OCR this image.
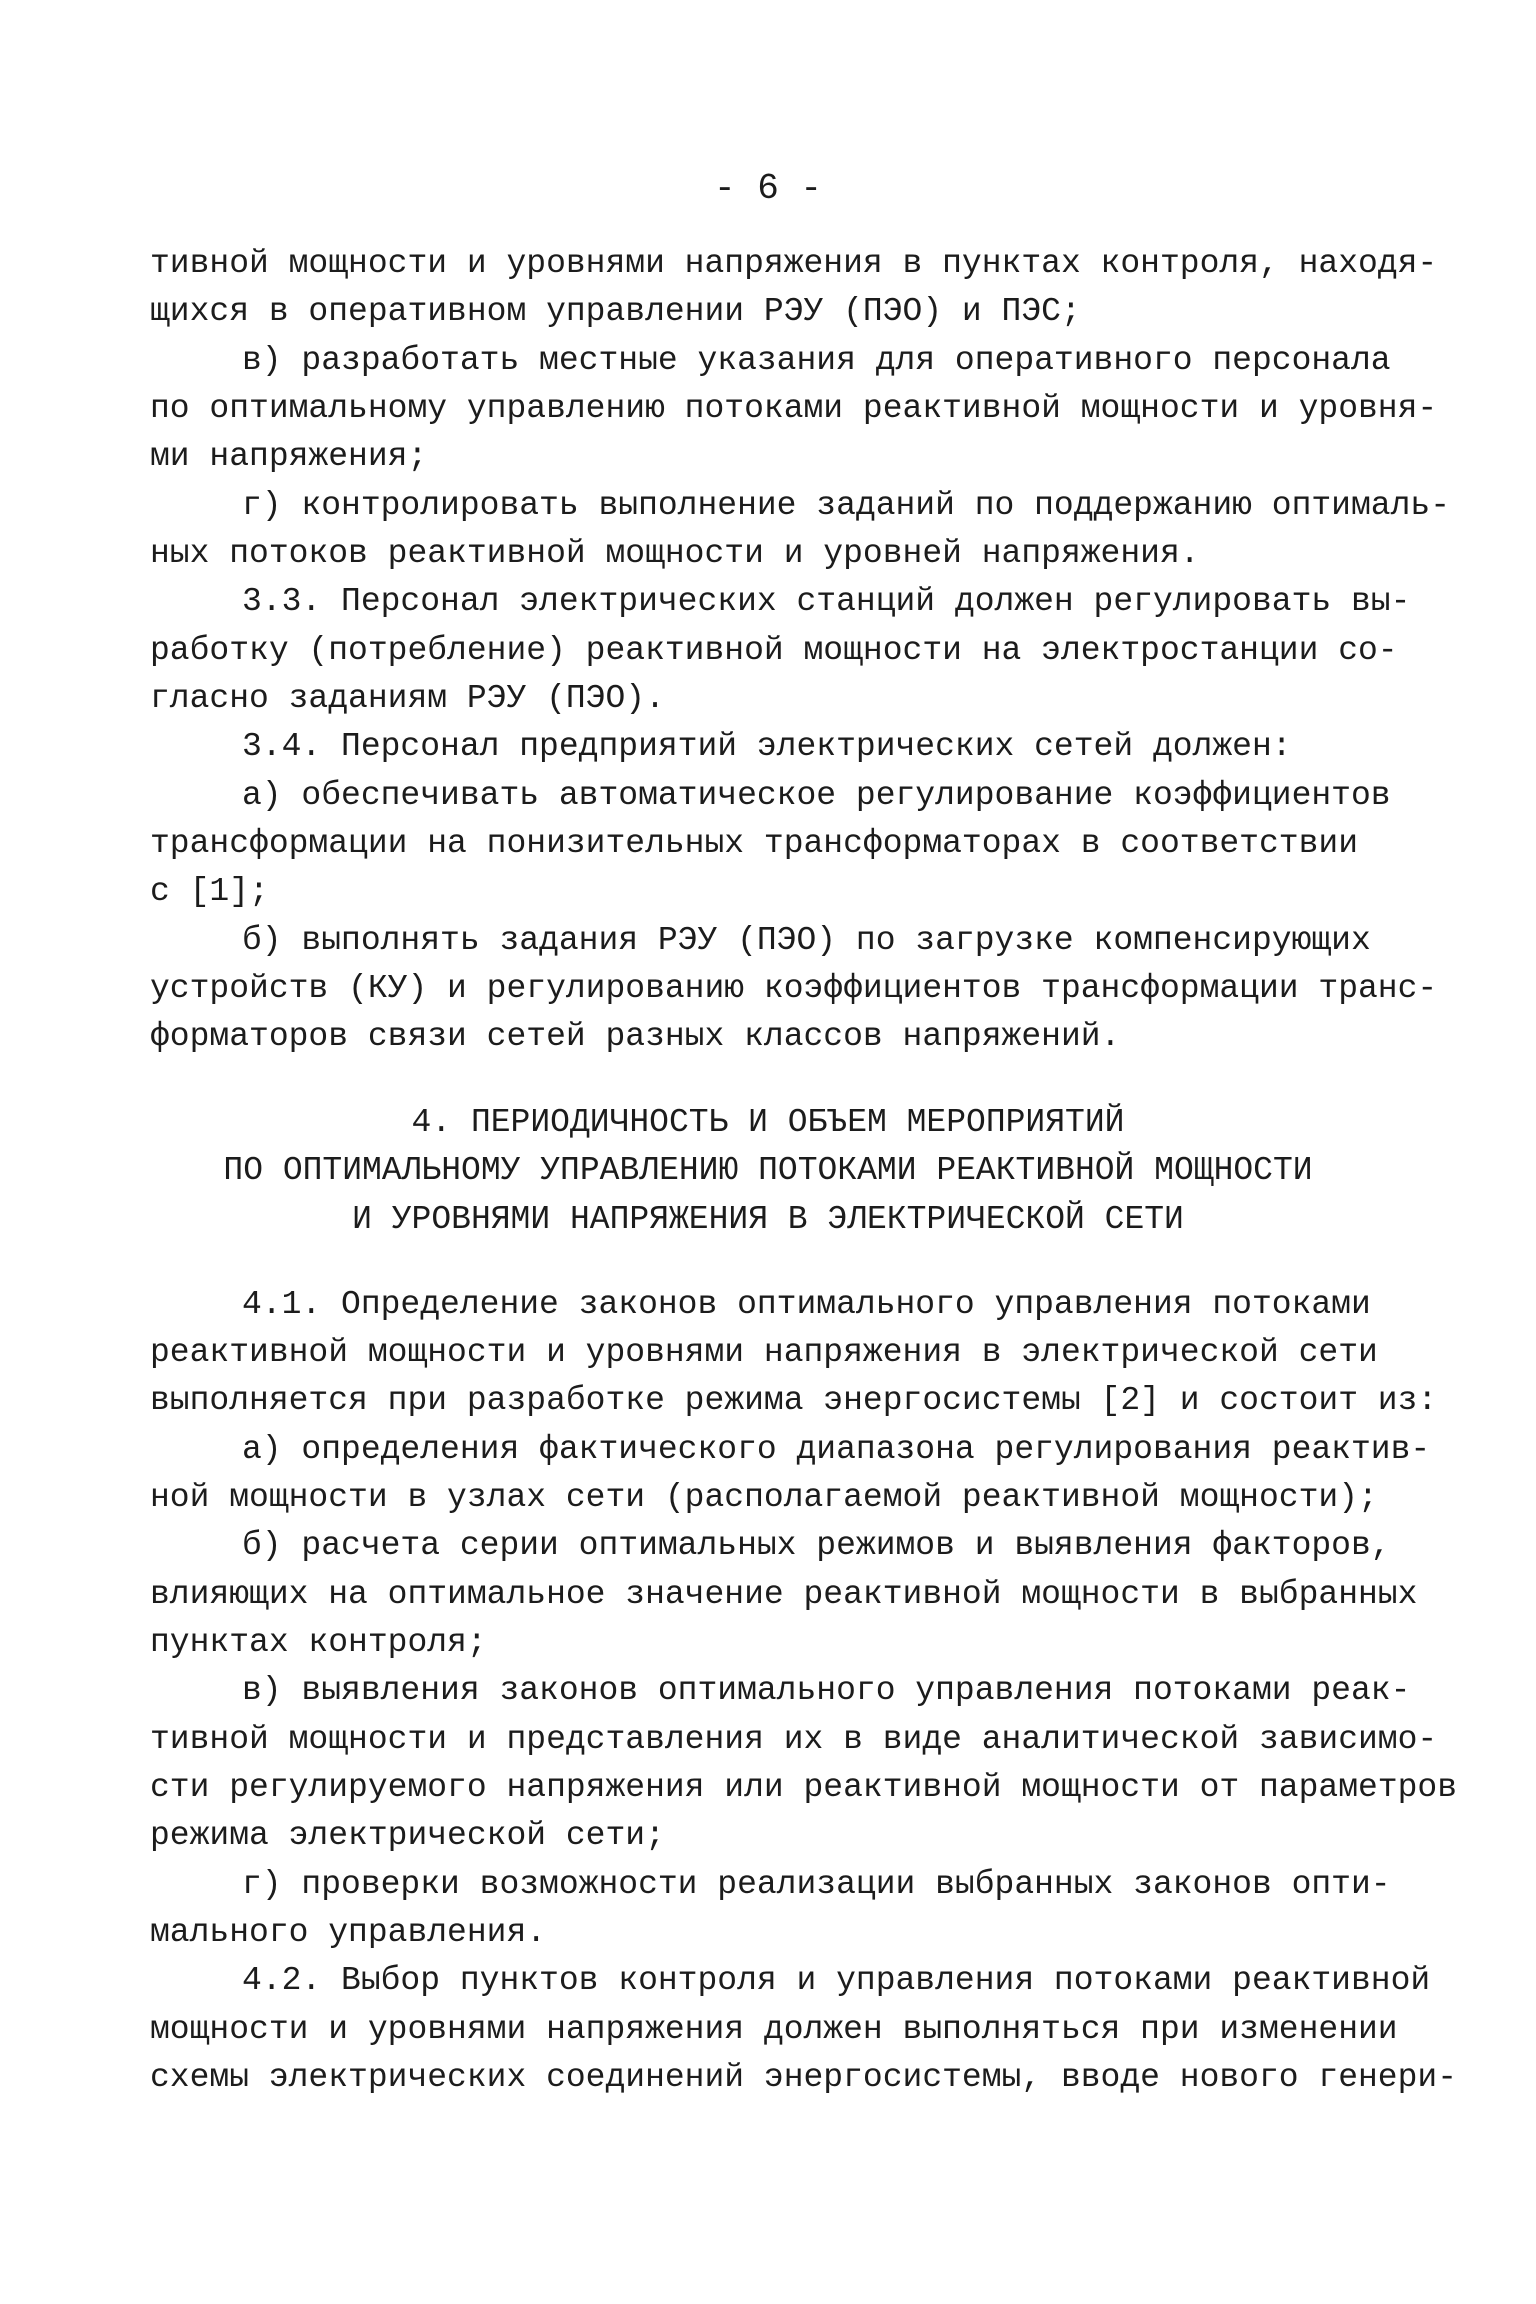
- 6 -
тивной мощности и уровнями напряжения в пунктах контроля, находя-
щихся в оперативном управлении РЭУ (ПЭО) и ПЭС;
в) разработать местные указания для оперативного персонала
по оптимальному управлению потоками реактивной мощности и уровня-
ми напряжения;
г) контролировать выполнение заданий по поддержанию оптималь-
ных потоков реактивной мощности и уровней напряжения.
3.3. Персонал электрических станций должен регулировать вы-
работку (потребление) реактивной мощности на электростанции со-
гласно заданиям РЭУ (ПЭО).
3.4. Персонал предприятий электрических сетей должен:
а) обеспечивать автоматическое регулирование коэффициентов
трансформации на понизительных трансформаторах в соответствии
с [1];
б) выполнять задания РЭУ (ПЭО) по загрузке компенсирующих
устройств (КУ) и регулированию коэффициентов трансформации транс-
форматоров связи сетей разных классов напряжений.
4. ПЕРИОДИЧНОСТЬ И ОБЪЕМ МЕРОПРИЯТИЙ
ПО ОПТИМАЛЬНОМУ УПРАВЛЕНИЮ ПОТОКАМИ РЕАКТИВНОЙ МОЩНОСТИ
И УРОВНЯМИ НАПРЯЖЕНИЯ В ЭЛЕКТРИЧЕСКОЙ СЕТИ
4.1. Определение законов оптимального управления потоками
реактивной мощности и уровнями напряжения в электрической сети
выполняется при разработке режима энергосистемы [2] и состоит из:
а) определения фактического диапазона регулирования реактив-
ной мощности в узлах сети (располагаемой реактивной мощности);
б) расчета серии оптимальных режимов и выявления факторов,
влияющих на оптимальное значение реактивной мощности в выбранных
пунктах контроля;
в) выявления законов оптимального управления потоками реак-
тивной мощности и представления их в виде аналитической зависимо-
сти регулируемого напряжения или реактивной мощности от параметров
режима электрической сети;
г) проверки возможности реализации выбранных законов опти-
мального управления.
4.2. Выбор пунктов контроля и управления потоками реактивной
мощности и уровнями напряжения должен выполняться при изменении
схемы электрических соединений энергосистемы, вводе нового генери-
